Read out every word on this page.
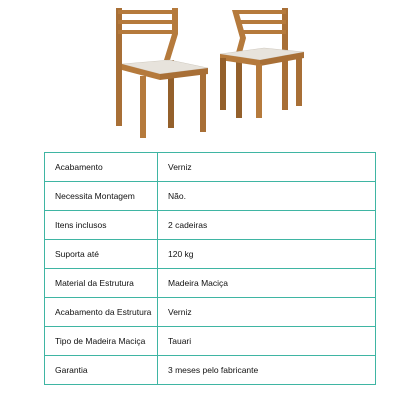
Acabamento	Verniz
Necessita Montagem	Não.
Itens inclusos	2 cadeiras
Suporta até	120 kg
Material da Estrutura	Madeira Maciça
Acabamento da Estrutura	Verniz
Tipo de Madeira Maciça	Tauari
Garantia	3 meses pelo fabricante
